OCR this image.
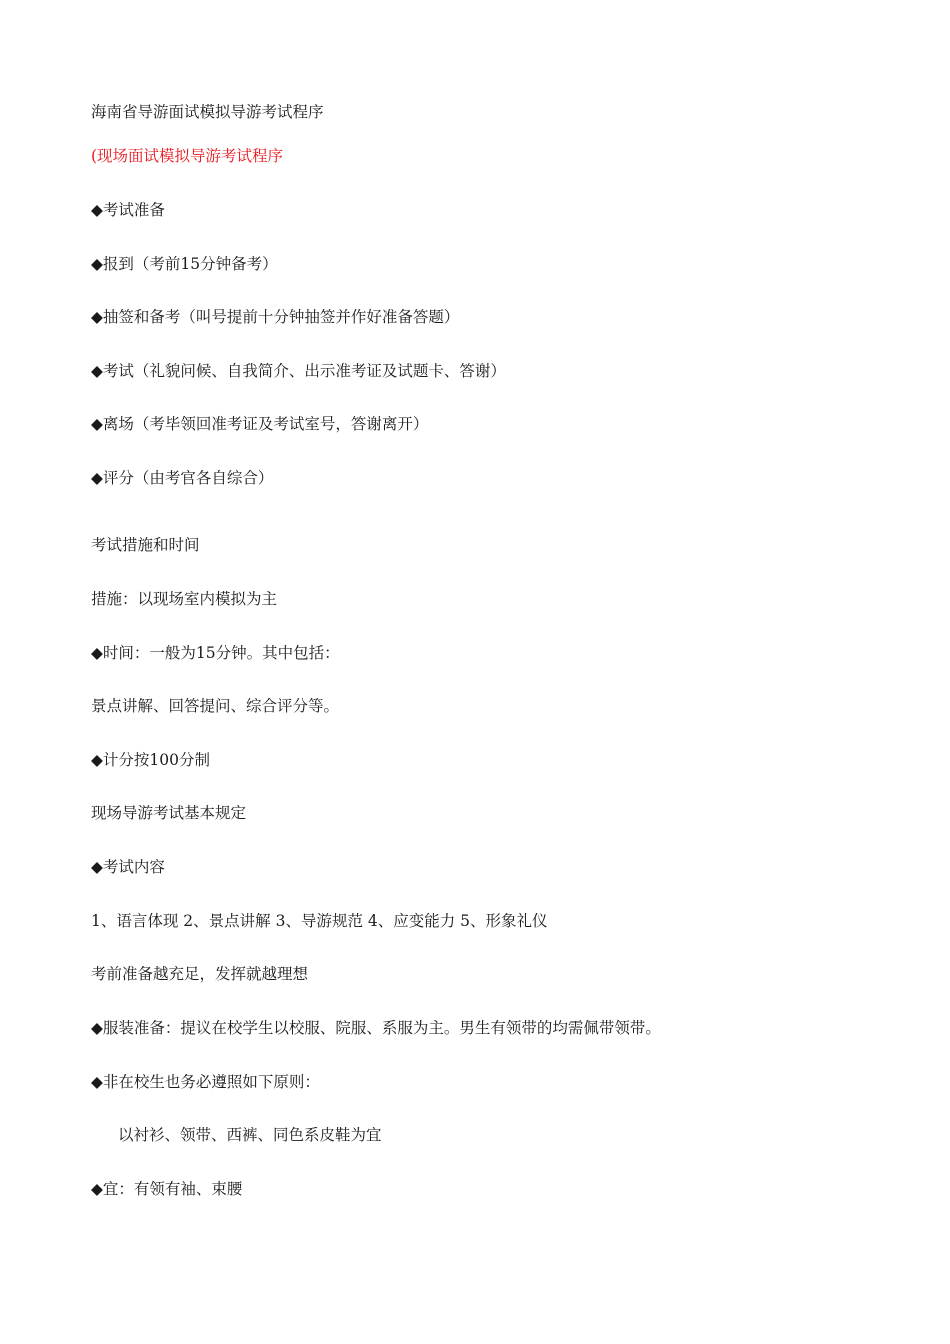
海南省导游面试模拟导游考试程序
(现场面试模拟导游考试程序
◆考试准备
◆报到（考前15分钟备考）
◆抽签和备考（叫号提前十分钟抽签并作好准备答题）
◆考试（礼貌问候、自我简介、出示准考证及试题卡、答谢）
◆离场（考毕领回准考证及考试室号，答谢离开）
◆评分（由考官各自综合）
考试措施和时间
措施：以现场室内模拟为主
◆时间：一般为15分钟。其中包括：
景点讲解、回答提问、综合评分等。
◆计分按100分制
现场导游考试基本规定
◆考试内容
1、语言体现 2、景点讲解 3、导游规范 4、应变能力 5、形象礼仪
考前准备越充足，发挥就越理想
◆服装准备：提议在校学生以校服、院服、系服为主。男生有领带的均需佩带领带。
◆非在校生也务必遵照如下原则：
以衬衫、领带、西裤、同色系皮鞋为宜
◆宜：有领有袖、束腰
